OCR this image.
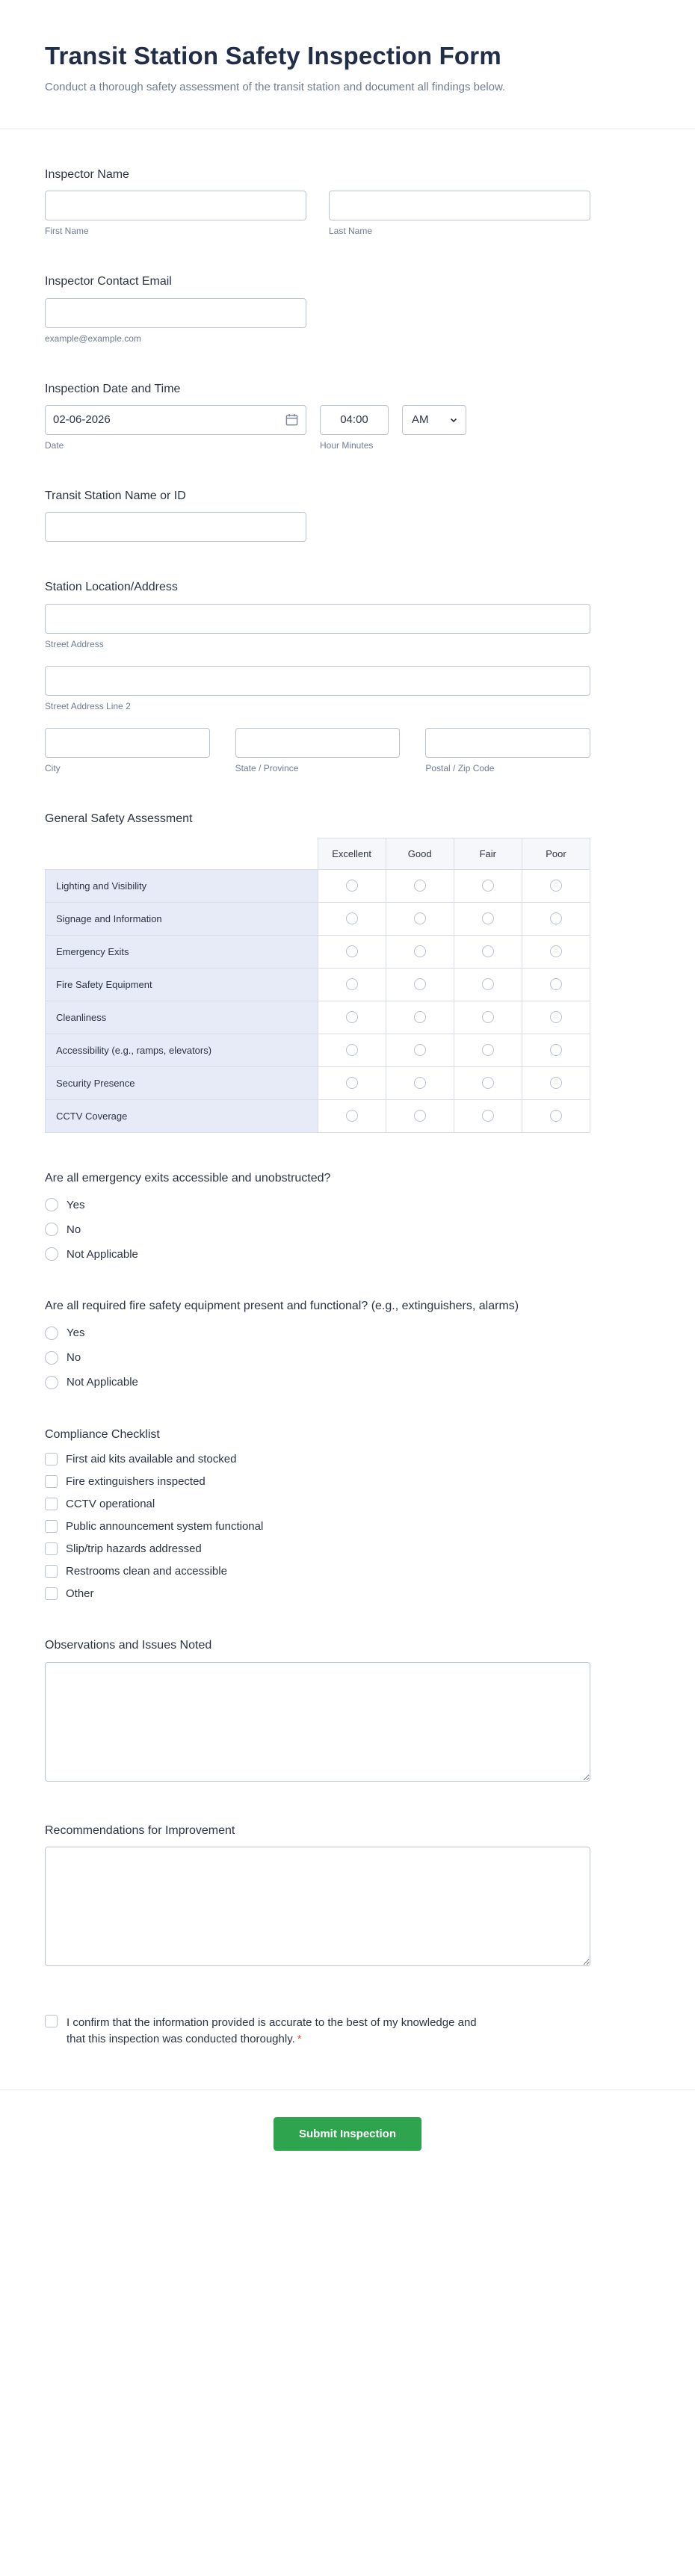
Transit Station Safety Inspection Form

Conduct a thorough safety assessment of the transit station and document all findings below.

Inspector Name
First Name	Last Name
Inspector Contact Email
example@example.com
Inspection Date and Time
02-06-2026
Date
04:00	Hour Minutes
AM
Transit Station Name or ID
Station Location/Address
Street Address
Street Address Line 2
City	State / Province	Postal / Zip Code
General Safety Assessment
	Excellent	Good	Fair	Poor
Lighting and Visibility				
Signage and Information				
Emergency Exits				
Fire Safety Equipment				
Cleanliness				
Accessibility (e.g., ramps, elevators)				
Security Presence				
CCTV Coverage				
Are all emergency exits accessible and unobstructed?
Yes
No
Not Applicable
Are all required fire safety equipment present and functional? (e.g., extinguishers, alarms)
Yes
No
Not Applicable
Compliance Checklist
First aid kits available and stocked
Fire extinguishers inspected
CCTV operational
Public announcement system functional
Slip/trip hazards addressed
Restrooms clean and accessible
Other
Observations and Issues Noted
Recommendations for Improvement
I confirm that the information provided is accurate to the best of my knowledge and that this inspection was conducted thoroughly. *
Submit Inspection
